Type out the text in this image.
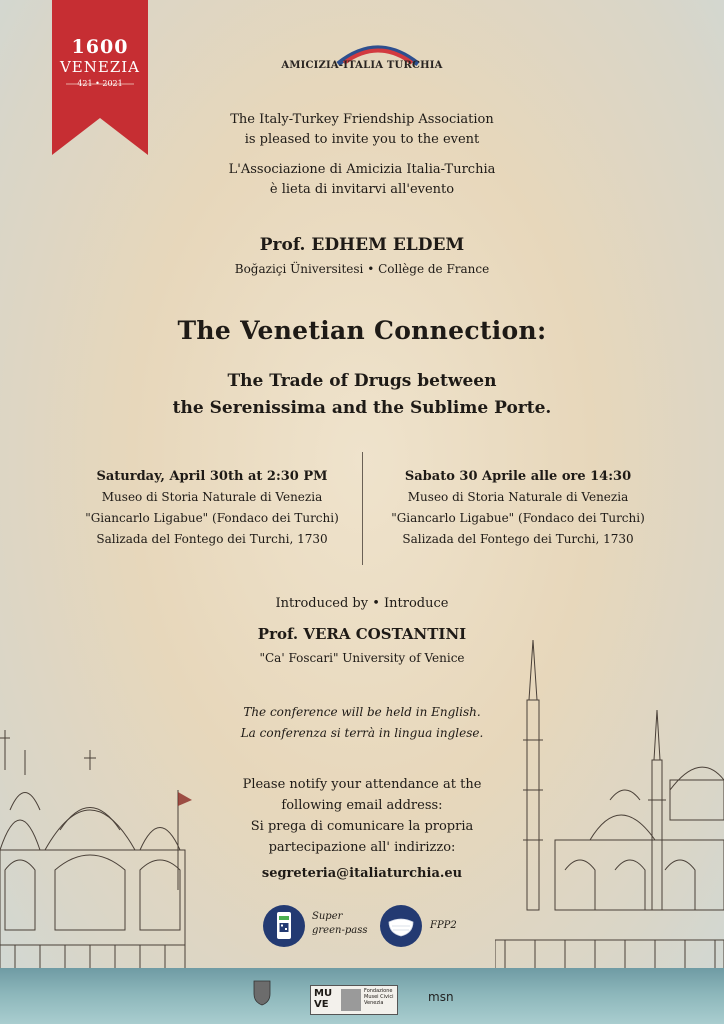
1600
VENEZIA
421 • 2021
AMICIZIA-ITALIA TURCHIA
The Italy-Turkey Friendship Association
is pleased to invite you to the event
L'Associazione di Amicizia Italia-Turchia
è lieta di invitarvi all'evento
Prof. EDHEM ELDEM
Boğaziçi Üniversitesi • Collège de France
The Venetian Connection:
The Trade of Drugs between
the Serenissima and the Sublime Porte.
Saturday, April 30th at 2:30 PM
Museo di Storia Naturale di Venezia
"Giancarlo Ligabue" (Fondaco dei Turchi)
Salizada del Fontego dei Turchi, 1730
Sabato 30 Aprile alle ore 14:30
Museo di Storia Naturale di Venezia
"Giancarlo Ligabue" (Fondaco dei Turchi)
Salizada del Fontego dei Turchi, 1730
Introduced by • Introduce
Prof. VERA COSTANTINI
"Ca' Foscari" University of Venice
The conference will be held in English.
La conferenza si terrà in lingua inglese.
Please notify your attendance at the
following email address:
Si prega di comunicare la propria
partecipazione all' indirizzo:
segreteria@italiaturchia.eu
Super
green-pass	FPP2
MU VE
Fondazione Musei Civici Venezia	msn
